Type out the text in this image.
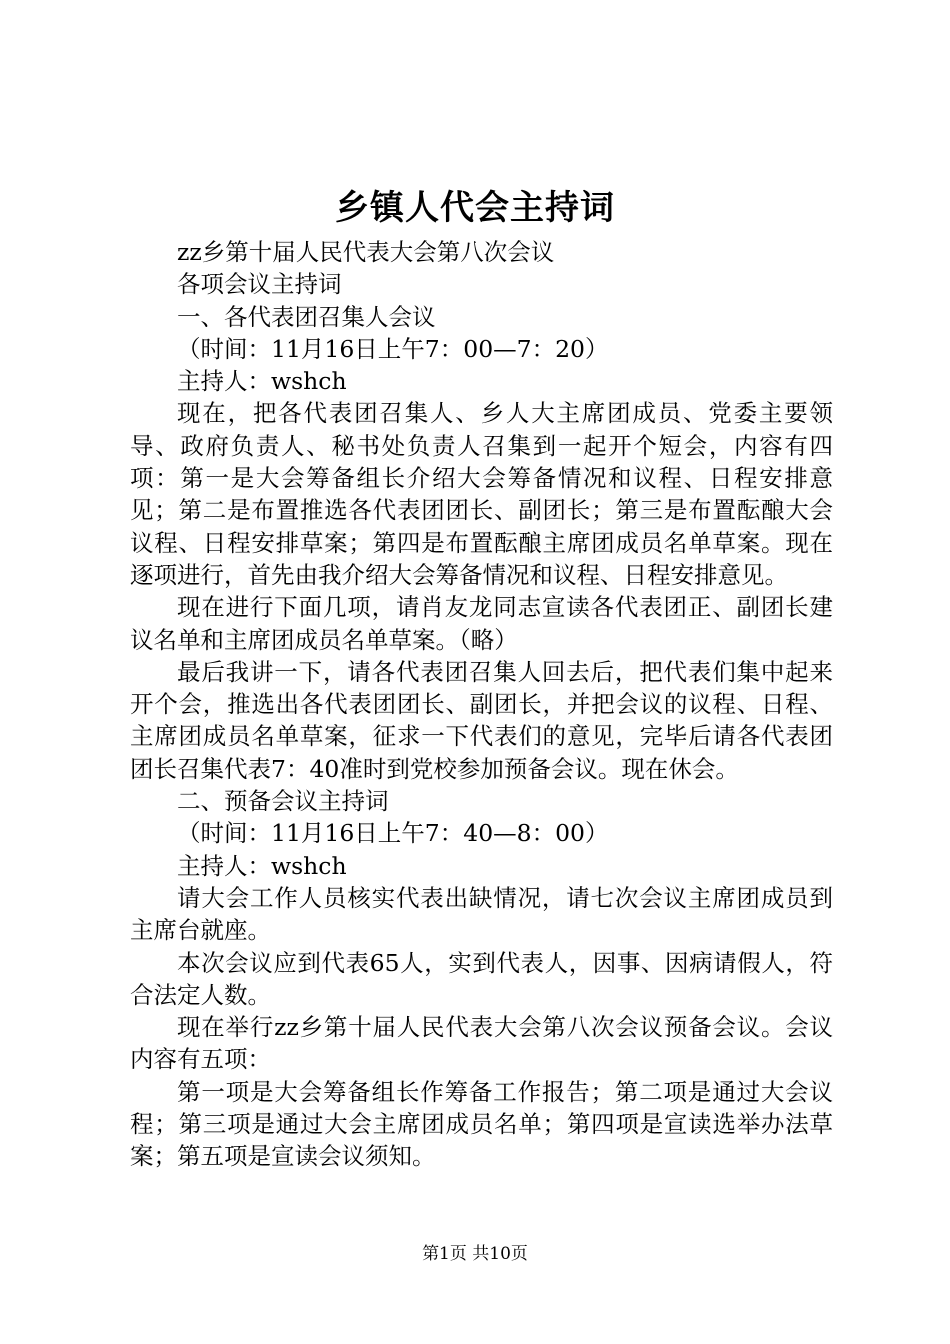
乡镇人代会主持词

zz乡第十届人民代表大会第八次会议

各项会议主持词

一、各代表团召集人会议

（时间：11月16日上午7：00—7：20）

主持人：wshch

现在，把各代表团召集人、乡人大主席团成员、党委主要领导、政府负责人、秘书处负责人召集到一起开个短会，内容有四项：第一是大会筹备组长介绍大会筹备情况和议程、日程安排意见；第二是布置推选各代表团团长、副团长；第三是布置酝酿大会议程、日程安排草案；第四是布置酝酿主席团成员名单草案。现在逐项进行，首先由我介绍大会筹备情况和议程、日程安排意见。

现在进行下面几项，请肖友龙同志宣读各代表团正、副团长建议名单和主席团成员名单草案。（略）

最后我讲一下，请各代表团召集人回去后，把代表们集中起来开个会，推选出各代表团团长、副团长，并把会议的议程、日程、主席团成员名单草案，征求一下代表们的意见，完毕后请各代表团团长召集代表7：40准时到党校参加预备会议。现在休会。

二、预备会议主持词

（时间：11月16日上午7：40—8：00）

主持人：wshch

请大会工作人员核实代表出缺情况，请七次会议主席团成员到主席台就座。

本次会议应到代表65人，实到代表人，因事、因病请假人，符合法定人数。

现在举行zz乡第十届人民代表大会第八次会议预备会议。会议内容有五项：

第一项是大会筹备组长作筹备工作报告；第二项是通过大会议程；第三项是通过大会主席团成员名单；第四项是宣读选举办法草案；第五项是宣读会议须知。

第1页 共10页
